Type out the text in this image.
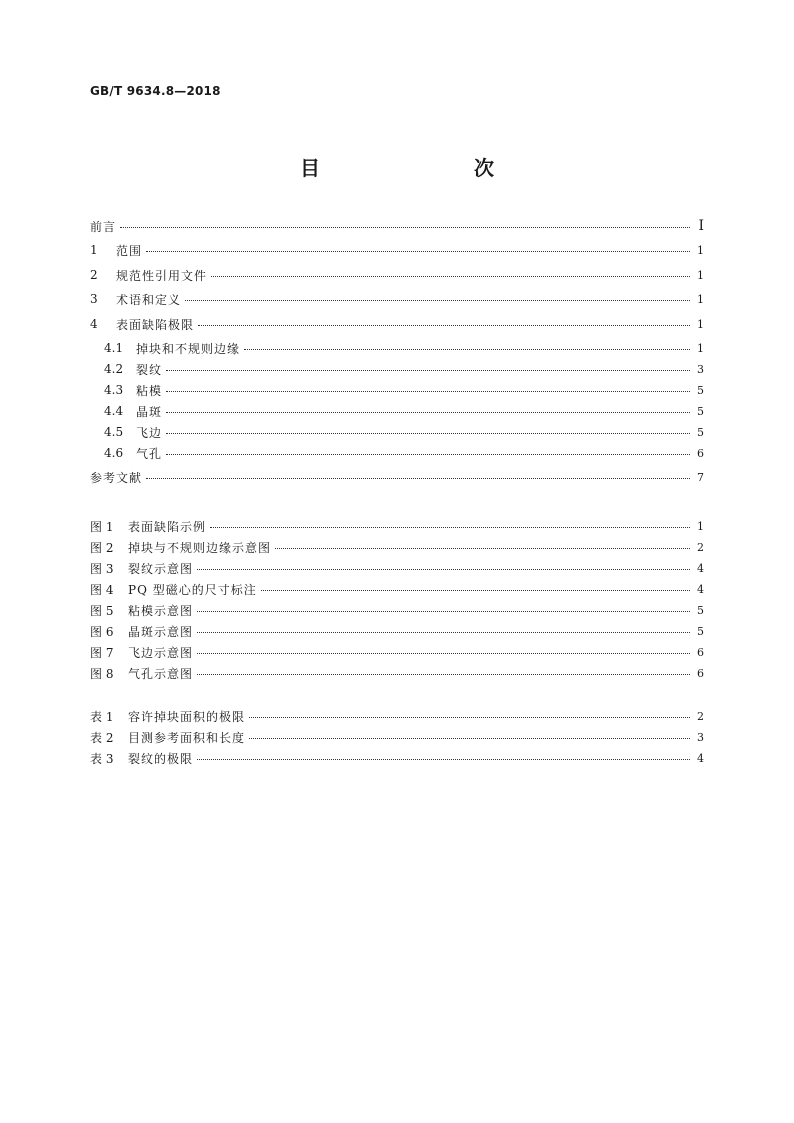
GB/T 9634.8—2018
目　　次
前言	Ⅰ
1	范围	1
2	规范性引用文件	1
3	术语和定义	1
4	表面缺陷极限	1
4.1 掉块和不规则边缘	1
4.2 裂纹	3
4.3 粘模	5
4.4 晶斑	5
4.5 飞边	5
4.6 气孔	6
参考文献	7
图 1	表面缺陷示例	1
图 2	掉块与不规则边缘示意图	2
图 3	裂纹示意图	4
图 4	PQ 型磁心的尺寸标注	4
图 5	粘模示意图	5
图 6	晶斑示意图	5
图 7	飞边示意图	6
图 8	气孔示意图	6
表 1	容许掉块面积的极限	2
表 2	目测参考面积和长度	3
表 3	裂纹的极限	4
